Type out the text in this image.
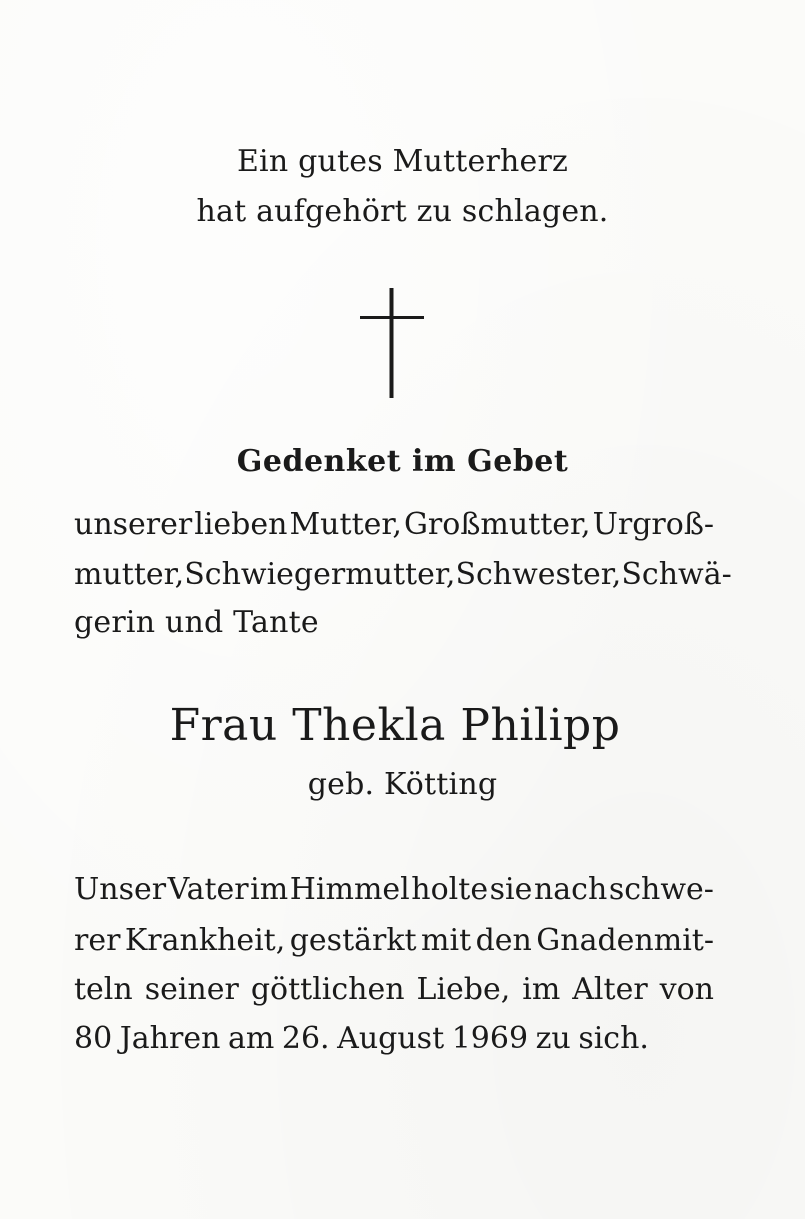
Ein gutes Mutterherz

hat aufgehört zu schlagen.

Gedenket im Gebet

unserer lieben Mutter, Großmutter, Urgroß-
mutter, Schwiegermutter, Schwester, Schwä-

gerin und Tante

Frau Thekla Philipp

geb. Kötting

Unser Vater im Himmel holte sie nach schwe-
rer Krankheit, gestärkt mit den Gnadenmit-
teln seiner göttlichen Liebe, im Alter von
80 Jahren am 26. August 1969 zu sich.
